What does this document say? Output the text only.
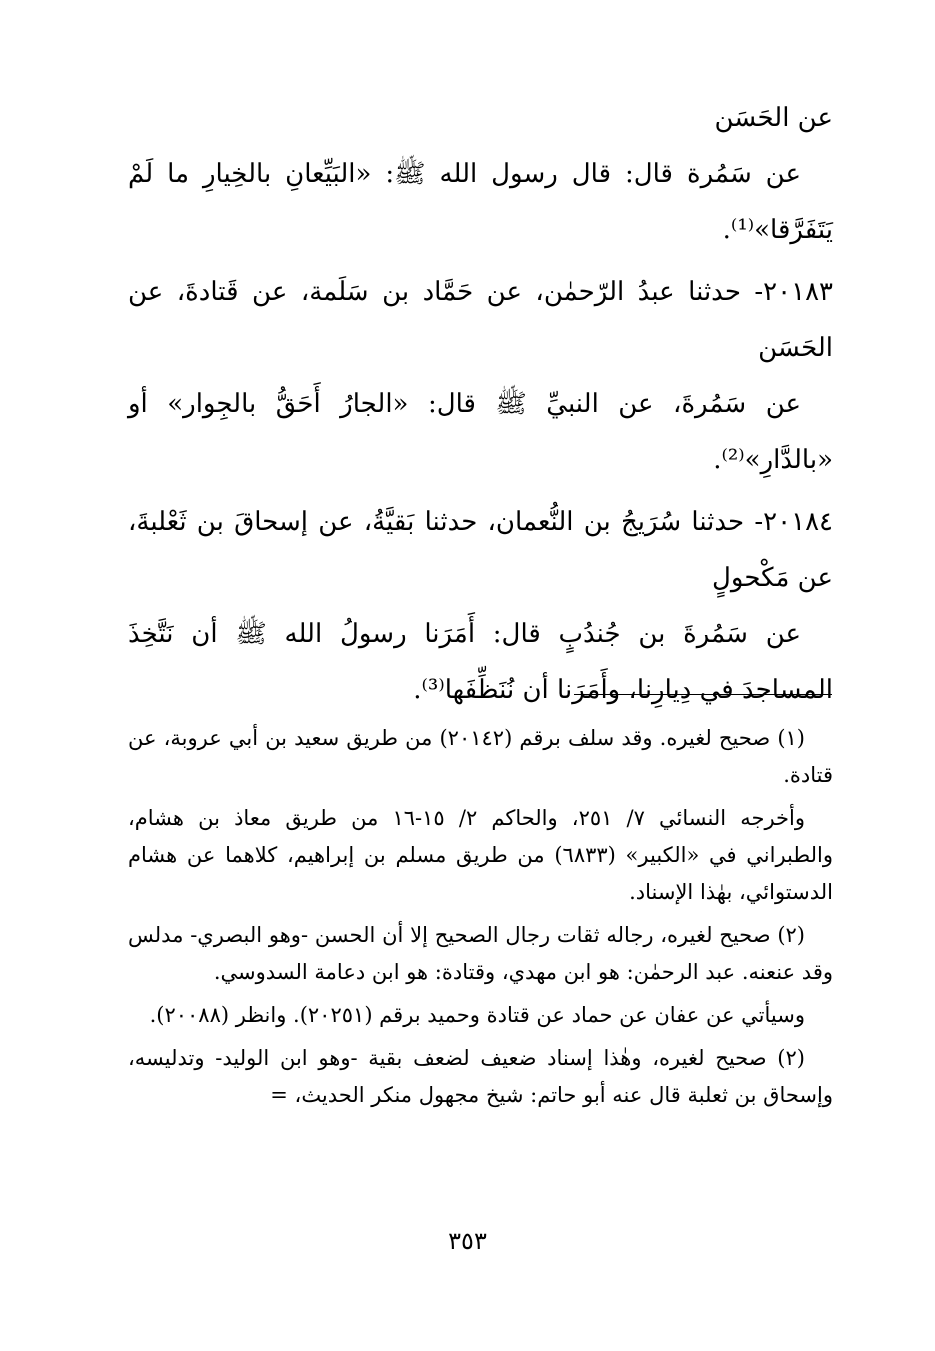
عن الحَسَن

عن سَمُرة قال: قال رسول الله ﷺ: «البَيِّعانِ بالخِيارِ ما لَمْ يَتَفَرَّقا»⁽¹⁾.

٢٠١٨٣- حدثنا عبدُ الرّحمٰن، عن حَمَّاد بن سَلَمة، عن قَتادةَ، عن الحَسَن

عن سَمُرةَ، عن النبيِّ ﷺ قال: «الجارُ أَحَقُّ بالجِوار» أو «بالدَّارِ»⁽²⁾.

٢٠١٨٤- حدثنا سُرَيجُ بن النُّعمان، حدثنا بَقيَّةُ، عن إسحاقَ بن ثَعْلبةَ، عن مَكْحولٍ

عن سَمُرةَ بن جُندُبٍ قال: أَمَرَنا رسولُ الله ﷺ أن نَتَّخِذَ المساجدَ في دِيارِنا، وأَمَرَنا أن نُنَظِّفَها⁽³⁾.

(١) صحيح لغيره. وقد سلف برقم (٢٠١٤٢) من طريق سعيد بن أبي عروبة، عن قتادة.

وأخرجه النسائي ٧/ ٢٥١، والحاكم ٢/ ١٥-١٦ من طريق معاذ بن هشام، والطبراني في «الكبير» (٦٨٣٣) من طريق مسلم بن إبراهيم، كلاهما عن هشام الدستوائي، بهٰذا الإسناد.

(٢) صحيح لغيره، رجاله ثقات رجال الصحيح إلا أن الحسن -وهو البصري- مدلس وقد عنعنه. عبد الرحمٰن: هو ابن مهدي، وقتادة: هو ابن دعامة السدوسي.

وسيأتي عن عفان عن حماد عن قتادة وحميد برقم (٢٠٢٥١). وانظر (٢٠٠٨٨).

(٢) صحيح لغيره، وهٰذا إسناد ضعيف لضعف بقية -وهو ابن الوليد- وتدليسه، وإسحاق بن ثعلبة قال عنه أبو حاتم: شيخ مجهول منكر الحديث، =

٣٥٣
